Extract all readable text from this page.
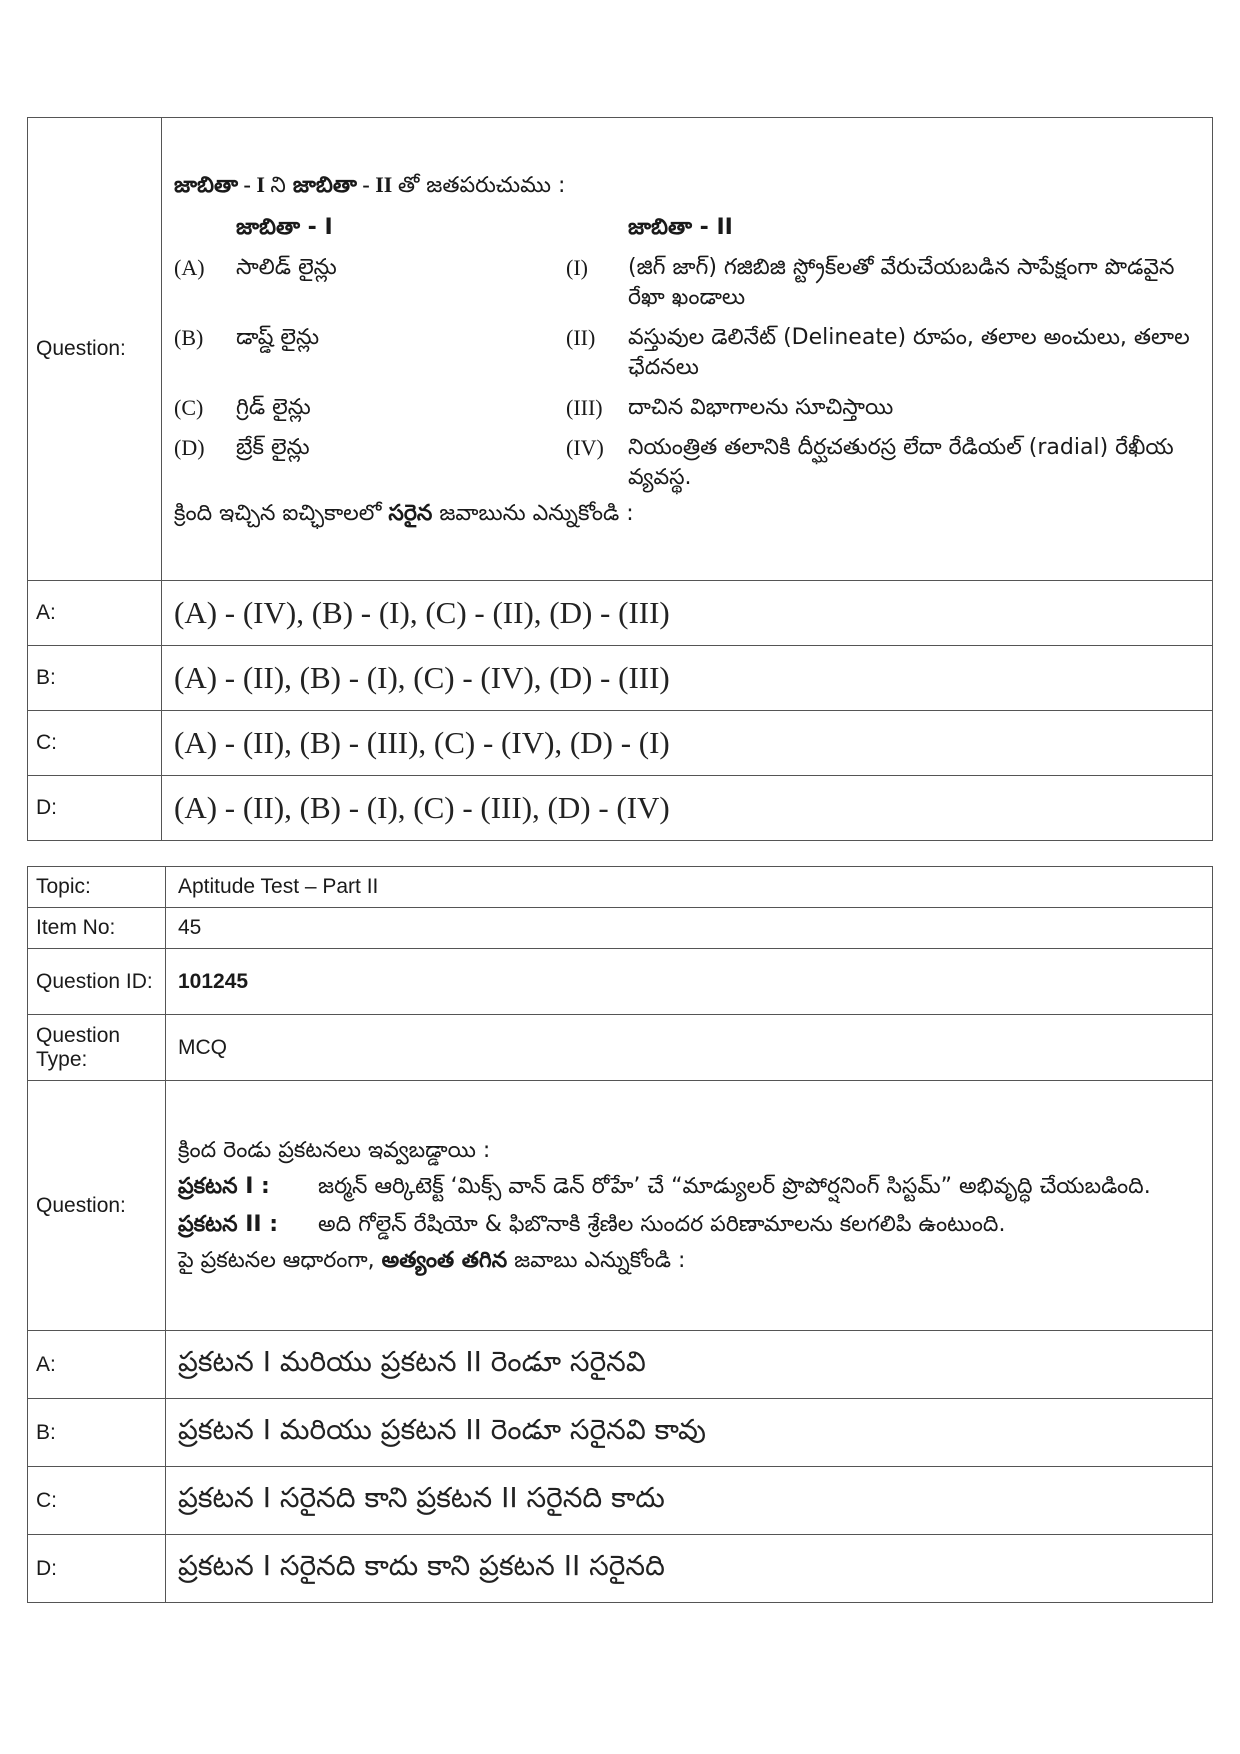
Question:	
జాబితా - I ని జాబితా - II తో జతపరుచుము :
	జాబితా - I		జాబితా - II
(A)	సాలిడ్ లైన్లు	(I)	(జిగ్ జాగ్) గజిబిజి స్ట్రోక్‌లతో వేరుచేయబడిన సాపేక్షంగా పొడవైన రేఖా ఖండాలు
(B)	డాష్డ్ లైన్లు	(II)	వస్తువుల డెలినేట్ (Delineate) రూపం, తలాల అంచులు, తలాల ఛేదనలు
(C)	గ్రిడ్ లైన్లు	(III)	దాచిన విభాగాలను సూచిస్తాయి
(D)	బ్రేక్ లైన్లు	(IV)	నియంత్రిత తలానికి దీర్ఘచతురస్ర లేదా రేడియల్ (radial) రేఖీయ వ్యవస్థ.
క్రింది ఇచ్చిన ఐచ్ఛికాలలో సరైన జవాబును ఎన్నుకోండి :

A:	(A) - (IV), (B) - (I), (C) - (II), (D) - (III)
B:	(A) - (II), (B) - (I), (C) - (IV), (D) - (III)
C:	(A) - (II), (B) - (III), (C) - (IV), (D) - (I)
D:	(A) - (II), (B) - (I), (C) - (III), (D) - (IV)
Topic:	Aptitude Test – Part II
Item No:	45
Question ID:	101245
Question Type:	MCQ
Question:	
క్రింద రెండు ప్రకటనలు ఇవ్వబడ్డాయి :
ప్రకటన I :	జర్మన్ ఆర్కిటెక్ట్ ‘మిక్స్ వాన్ డెన్ రోహే’ చే “మాడ్యులర్ ప్రొపోర్షనింగ్ సిస్టమ్” అభివృద్ధి చేయబడింది.
ప్రకటన II :	అది గోల్డెన్ రేషియో & ఫిబొనాకి శ్రేణిల సుందర పరిణామాలను కలగలిపి ఉంటుంది.
పై ప్రకటనల ఆధారంగా, అత్యంత తగిన జవాబు ఎన్నుకోండి :

A:	ప్రకటన I మరియు ప్రకటన II రెండూ సరైనవి
B:	ప్రకటన I మరియు ప్రకటన II రెండూ సరైనవి కావు
C:	ప్రకటన I సరైనది కాని ప్రకటన II సరైనది కాదు
D:	ప్రకటన I సరైనది కాదు కాని ప్రకటన II సరైనది
